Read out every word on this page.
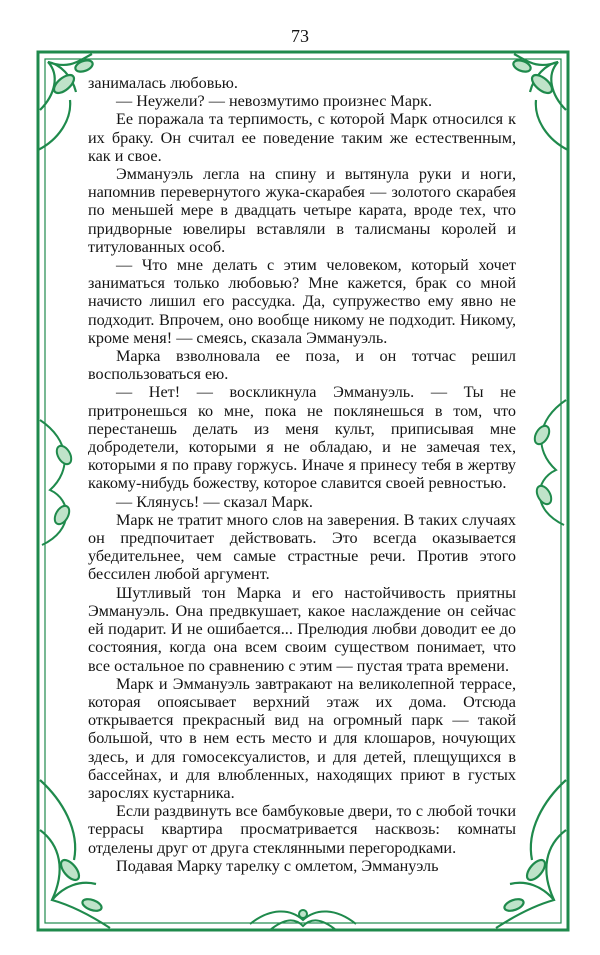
73

занималась любовью.

— Неужели? — невозмутимо произнес Марк.

Ее поражала та терпимость, с которой Марк относился к их браку. Он считал ее поведение таким же естественным, как и свое.

Эммануэль легла на спину и вытянула руки и ноги, напомнив перевернутого жука-скарабея — золотого скарабея по меньшей мере в двадцать четыре карата, вроде тех, что придворные ювелиры вставляли в талисманы королей и титулованных особ.

— Что мне делать с этим человеком, который хочет заниматься только любовью? Мне кажется, брак со мной начисто лишил его рассудка. Да, супружество ему явно не подходит. Впрочем, оно вообще никому не подходит. Никому, кроме меня! — смеясь, сказала Эммануэль.

Марка взволновала ее поза, и он тотчас решил воспользоваться ею.

— Нет! — воскликнула Эммануэль. — Ты не притронешься ко мне, пока не поклянешься в том, что перестанешь делать из меня культ, приписывая мне добродетели, которыми я не обладаю, и не замечая тех, которыми я по праву горжусь. Иначе я принесу тебя в жертву какому-нибудь божеству, которое славится своей ревностью.

— Клянусь! — сказал Марк.

Марк не тратит много слов на заверения. В таких случаях он предпочитает действовать. Это всегда оказывается убедительнее, чем самые страстные речи. Против этого бессилен любой аргумент.

Шутливый тон Марка и его настойчивость приятны Эммануэль. Она предвкушает, какое наслаждение он сейчас ей подарит. И не ошибается... Прелюдия любви доводит ее до состояния, когда она всем своим существом понимает, что все остальное по сравнению с этим — пустая трата времени.

Марк и Эммануэль завтракают на великолепной террасе, которая опоясывает верхний этаж их дома. Отсюда открывается прекрасный вид на огромный парк — такой большой, что в нем есть место и для клошаров, ночующих здесь, и для гомосексуалистов, и для детей, плещущихся в бассейнах, и для влюбленных, находящих приют в густых зарослях кустарника.

Если раздвинуть все бамбуковые двери, то с любой точки террасы квартира просматривается насквозь: комнаты отделены друг от друга стеклянными перегородками.

Подавая Марку тарелку с омлетом, Эммануэль
